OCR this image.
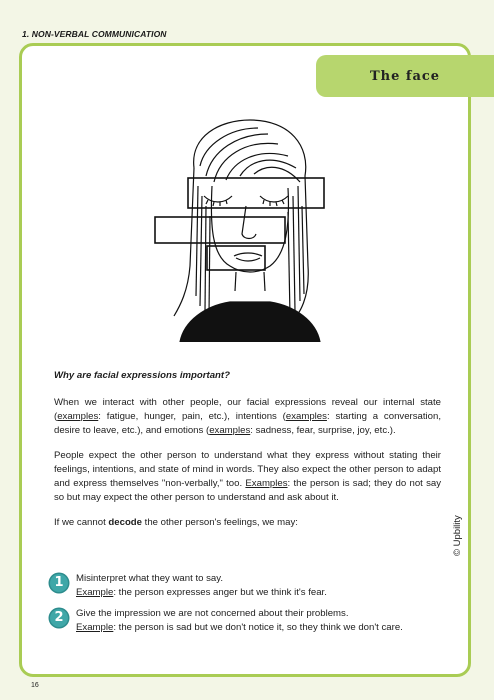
1. NON-VERBAL COMMUNICATION
The face

Why are facial expressions important?

When we interact with other people, our facial expressions reveal our internal state (examples: fatigue, hunger, pain, etc.), intentions (examples: starting a conversation, desire to leave, etc.), and emotions (examples: sadness, fear, surprise, joy, etc.).

People expect the other person to understand what they express without stating their feelings, intentions, and state of mind in words. They also expect the other person to adapt and express themselves "non-verbally," too. Examples: the person is sad; they do not say so but may expect the other person to understand and ask about it.

If we cannot decode the other person's feelings, we may:	© Upbility
1	Misinterpret what they want to say.
Example: the person expresses anger but we think it's fear.
2	Give the impression we are not concerned about their problems.
Example: the person is sad but we don't notice it, so they think we don't care.
16
